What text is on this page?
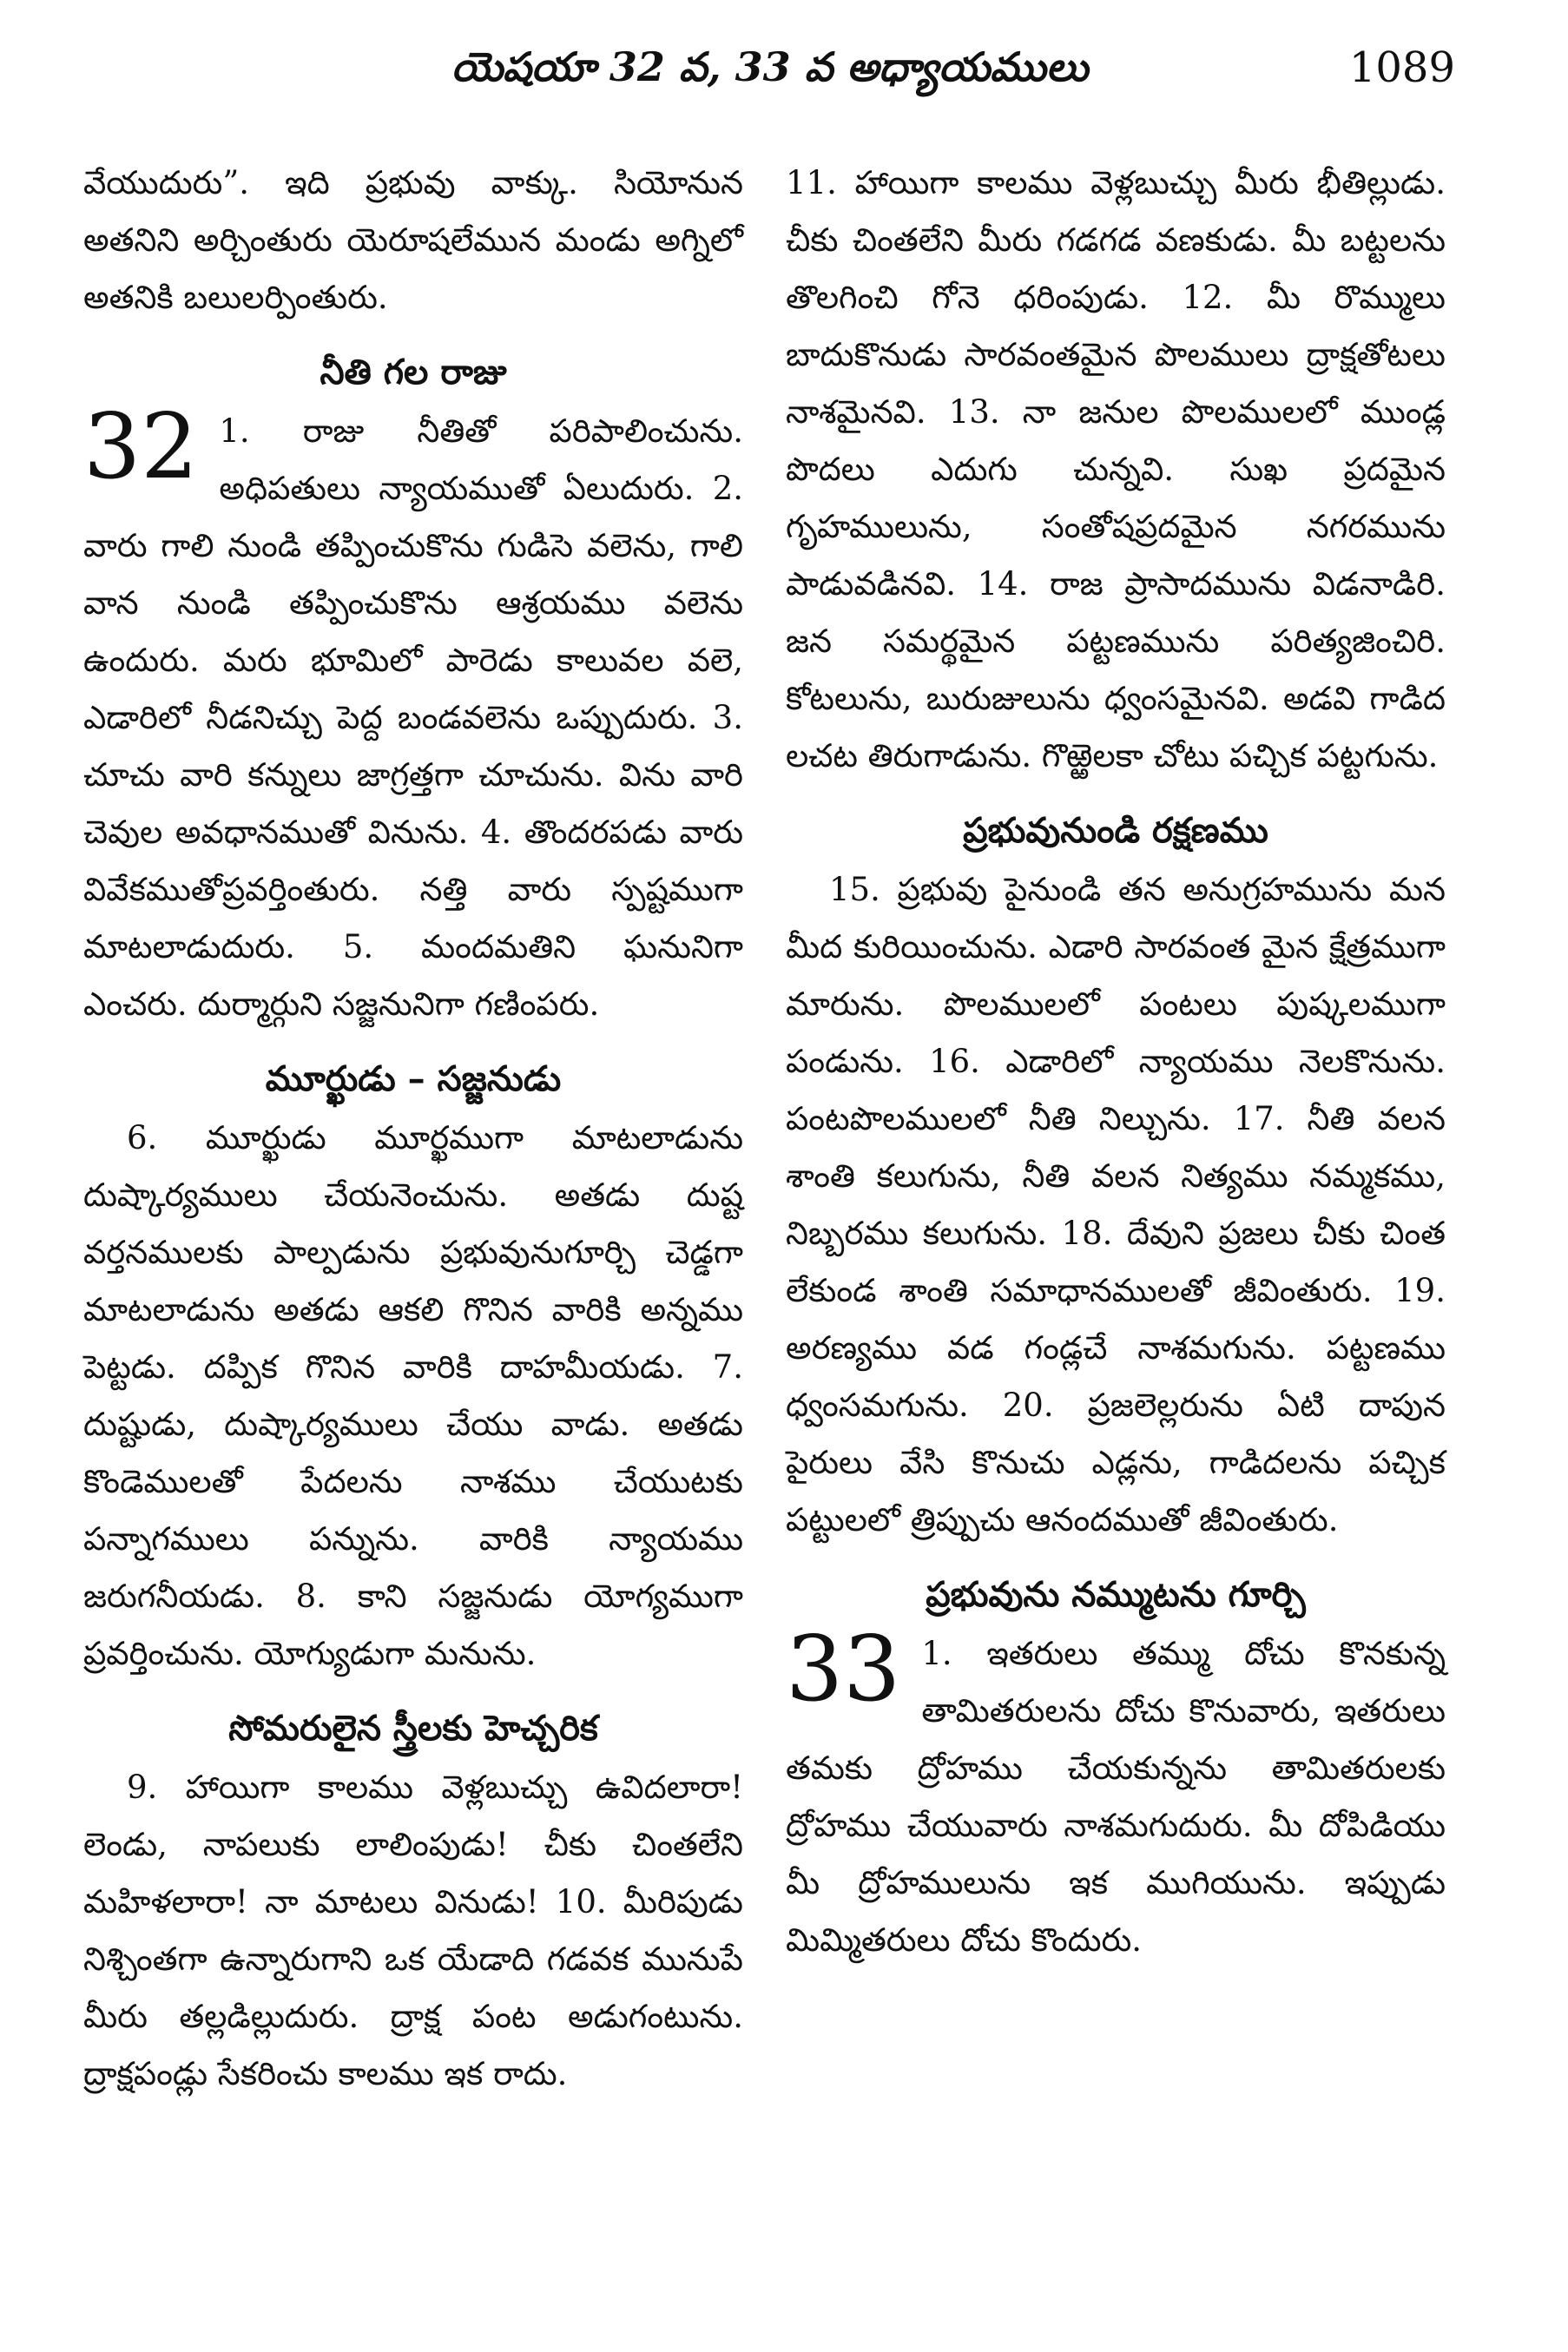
యెషయా 32 వ, 33 వ అధ్యాయములు	1089

వేయుదురు”. ఇది ప్రభువు వాక్కు. సియోనున అతనిని అర్చింతురు యెరూషలేమున మండు అగ్నిలో అతనికి బలులర్పింతురు.

నీతి గల రాజు

32 1. రాజు నీతితో పరిపాలించును. అధిపతులు న్యాయముతో ఏలుదురు. 2. వారు గాలి నుండి తప్పించుకొను గుడిసె వలెను, గాలి వాన నుండి తప్పించుకొను ఆశ్రయము వలెను ఉందురు. మరు భూమిలో పారెడు కాలువల వలె, ఎడారిలో నీడనిచ్చు పెద్ద బండవలెను ఒప్పుదురు. 3. చూచు వారి కన్నులు జాగ్రత్తగా చూచును. విను వారి చెవుల అవధానముతో వినును. 4. తొందరపడు వారు వివేకముతోప్రవర్తింతురు. నత్తి వారు స్పష్టముగా మాటలాడుదురు. 5. మందమతిని ఘనునిగా ఎంచరు. దుర్మార్గుని సజ్జనునిగా గణింపరు.

మూర్ఖుడు – సజ్జనుడు

6. మూర్ఖుడు మూర్ఖముగా మాటలాడును దుష్కార్యములు చేయనెంచును. అతడు దుష్ట వర్తనములకు పాల్పడును ప్రభువునుగూర్చి చెడ్డగా మాటలాడును అతడు ఆకలి గొనిన వారికి అన్నము పెట్టడు. దప్పిక గొనిన వారికి దాహమీయడు. 7. దుష్టుడు, దుష్కార్యములు చేయు వాడు. అతడు కొండెములతో పేదలను నాశము చేయుటకు పన్నాగములు పన్నును. వారికి న్యాయము జరుగనీయడు. 8. కాని సజ్జనుడు యోగ్యముగా ప్రవర్తించును. యోగ్యుడుగా మనును.

సోమరులైన స్త్రీలకు హెచ్చరిక

9. హాయిగా కాలము వెళ్లబుచ్చు ఉవిదలారా! లెండు, నాపలుకు లాలింపుడు! చీకు చింతలేని మహిళలారా! నా మాటలు వినుడు! 10. మీరిపుడు నిశ్చింతగా ఉన్నారుగాని ఒక యేడాది గడవక మునుపే మీరు తల్లడిల్లుదురు. ద్రాక్ష పంట అడుగంటును. ద్రాక్షపండ్లు సేకరించు కాలము ఇక రాదు.

11. హాయిగా కాలము వెళ్లబుచ్చు మీరు భీతిల్లుడు. చీకు చింతలేని మీరు గడగడ వణకుడు. మీ బట్టలను తొలగించి గోనె ధరింపుడు. 12. మీ రొమ్ములు బాదుకొనుడు సారవంతమైన పొలములు ద్రాక్షతోటలు నాశమైనవి. 13. నా జనుల పొలములలో ముండ్ల పొదలు ఎదుగు చున్నవి. సుఖ ప్రదమైన గృహములును, సంతోషప్రదమైన నగరమును పాడువడినవి. 14. రాజ ప్రాసాదమును విడనాడిరి. జన సమర్థమైన పట్టణమును పరిత్యజించిరి. కోటలును, బురుజులును ధ్వంసమైనవి. అడవి గాడిద లచట తిరుగాడును. గొఱ్ఱెలకా చోటు పచ్చిక పట్టగును.

ప్రభువునుండి రక్షణము

15. ప్రభువు పైనుండి తన అనుగ్రహమును మన మీద కురియించును. ఎడారి సారవంత మైన క్షేత్రముగా మారును. పొలములలో పంటలు పుష్కలముగా పండును. 16. ఎడారిలో న్యాయము నెలకొనును. పంటపొలములలో నీతి నిల్చును. 17. నీతి వలన శాంతి కలుగును, నీతి వలన నిత్యము నమ్మకము, నిబ్బరము కలుగును. 18. దేవుని ప్రజలు చీకు చింత లేకుండ శాంతి సమాధానములతో జీవింతురు. 19. అరణ్యము వడ గండ్లచే నాశమగును. పట్టణము ధ్వంసమగును. 20. ప్రజలెల్లరును ఏటి దాపున పైరులు వేసి కొనుచు ఎడ్లను, గాడిదలను పచ్చిక పట్టులలో త్రిప్పుచు ఆనందముతో జీవింతురు.

ప్రభువును నమ్ముటను గూర్చి

33 1. ఇతరులు తమ్ము దోచు కొనకున్న తామితరులను దోచు కొనువారు, ఇతరులు తమకు ద్రోహము చేయకున్నను తామితరులకు ద్రోహము చేయువారు నాశమగుదురు. మీ దోపిడియు మీ ద్రోహములును ఇక ముగియును. ఇప్పుడు మిమ్మితరులు దోచు కొందురు.
